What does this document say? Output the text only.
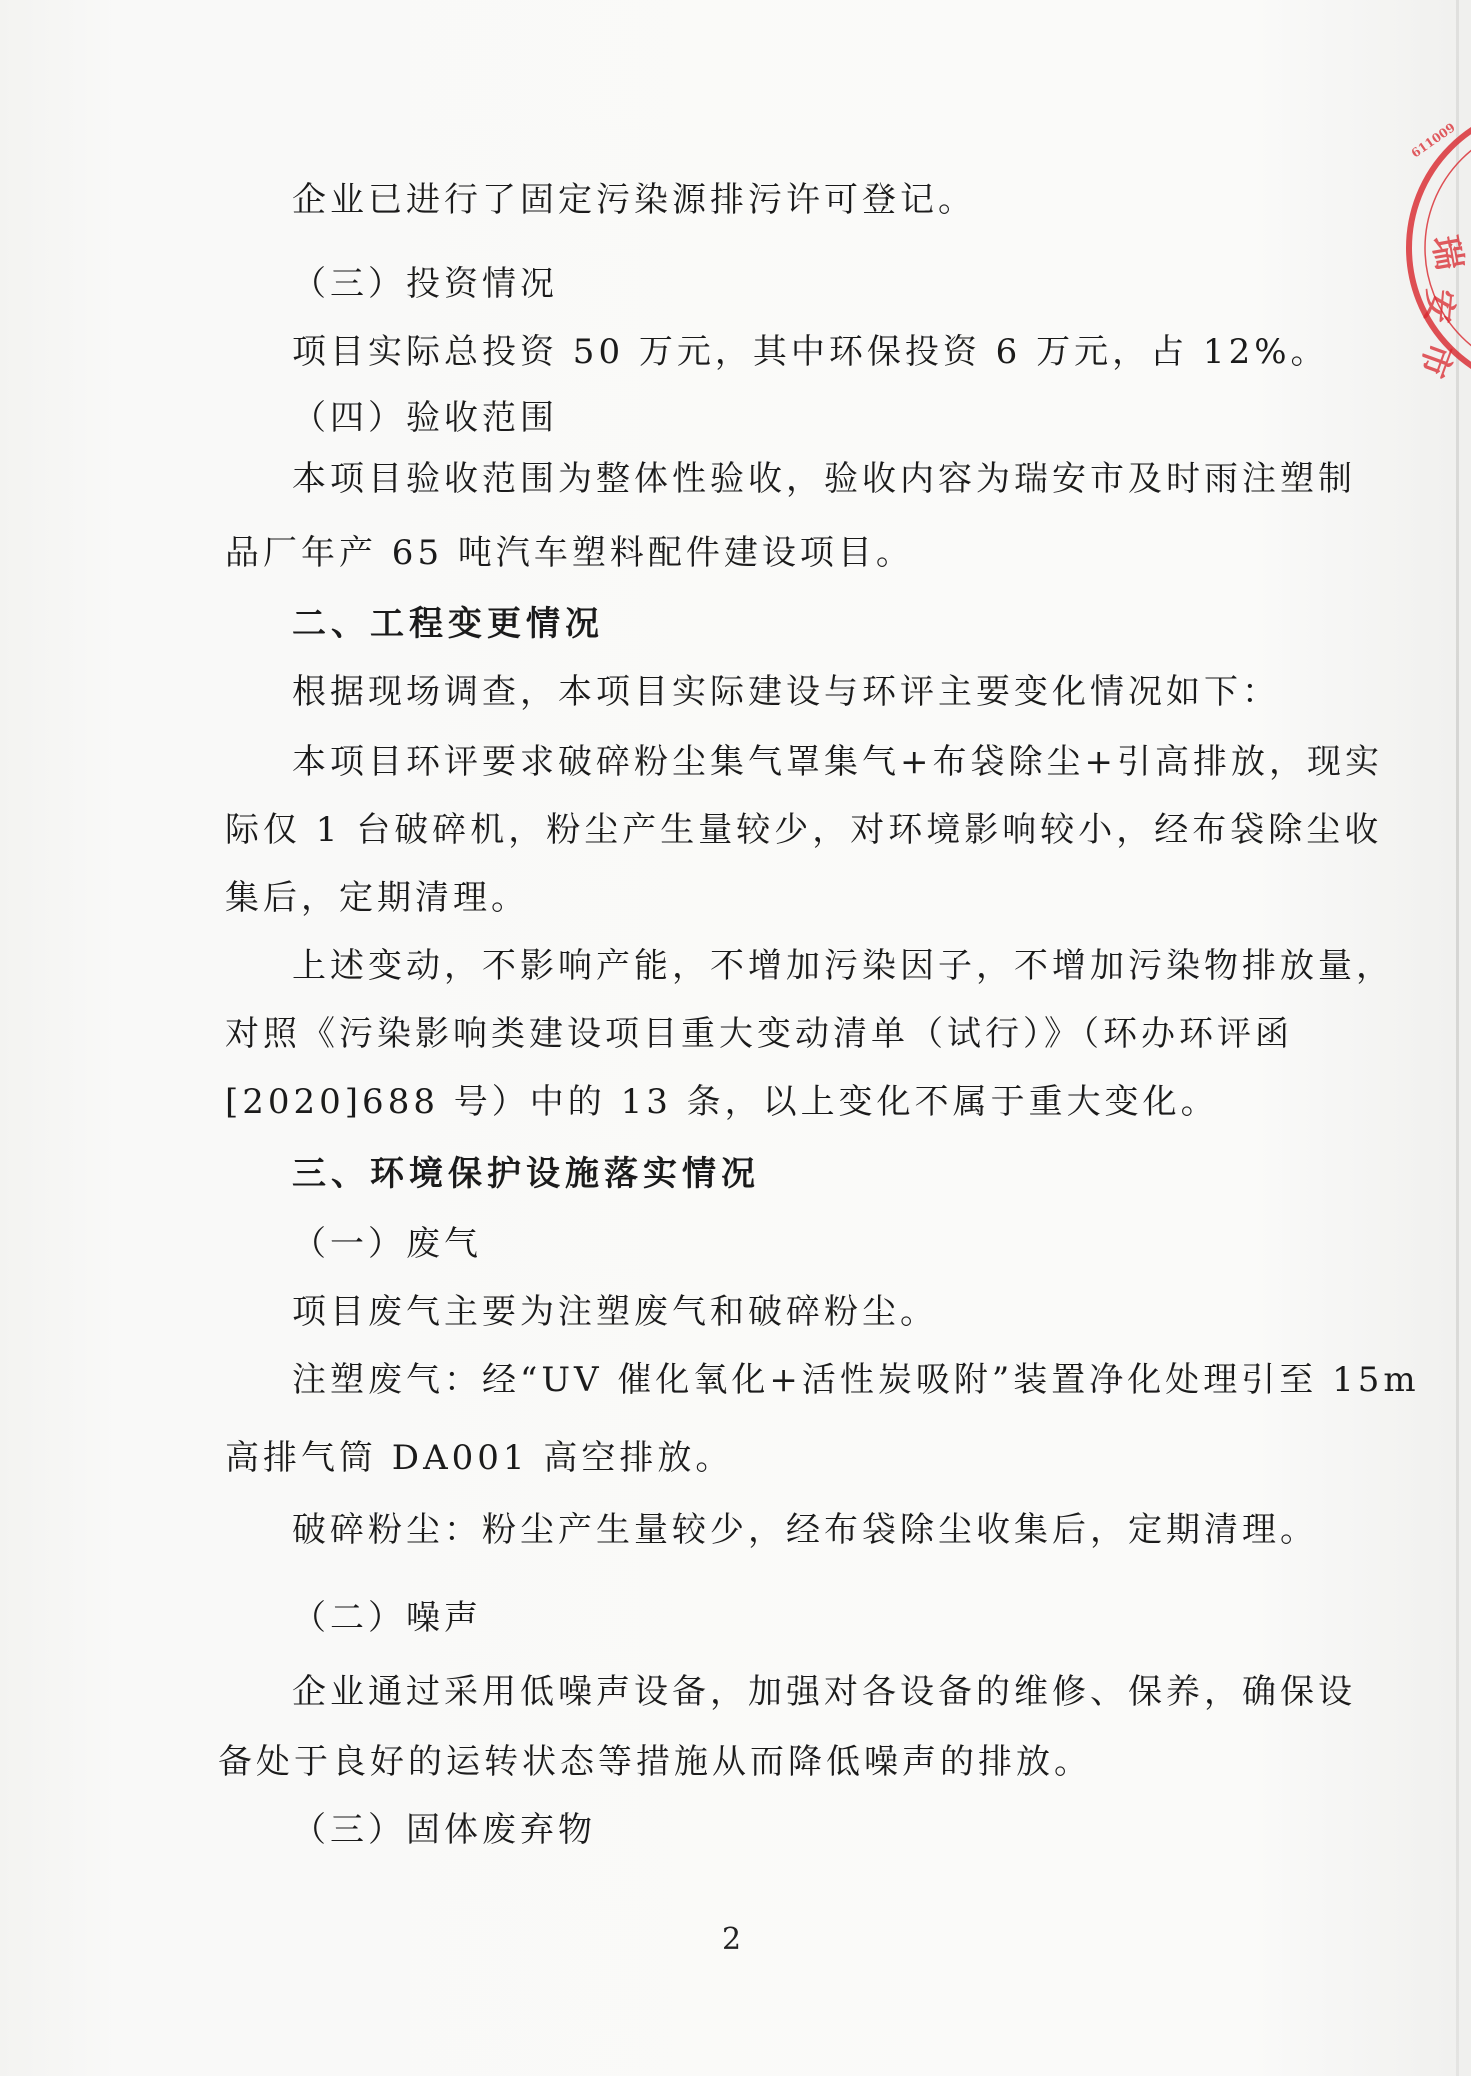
企业已进行了固定污染源排污许可登记。
（三）投资情况
项目实际总投资 50 万元，其中环保投资 6 万元，占 12%。
（四）验收范围
本项目验收范围为整体性验收，验收内容为瑞安市及时雨注塑制
品厂年产 65 吨汽车塑料配件建设项目。
二、工程变更情况
根据现场调查，本项目实际建设与环评主要变化情况如下：
本项目环评要求破碎粉尘集气罩集气+布袋除尘+引高排放，现实
际仅 1 台破碎机，粉尘产生量较少，对环境影响较小，经布袋除尘收
集后，定期清理。
上述变动，不影响产能，不增加污染因子，不增加污染物排放量，
对照《污染影响类建设项目重大变动清单（试行）》（环办环评函
[2020]688 号）中的 13 条，以上变化不属于重大变化。
三、环境保护设施落实情况
（一）废气
项目废气主要为注塑废气和破碎粉尘。
注塑废气：经“UV 催化氧化+活性炭吸附”装置净化处理引至 15m
高排气筒 DA001 高空排放。
破碎粉尘：粉尘产生量较少，经布袋除尘收集后，定期清理。
（二）噪声
企业通过采用低噪声设备，加强对各设备的维修、保养，确保设
备处于良好的运转状态等措施从而降低噪声的排放。
（三）固体废弃物
2
611009
瑞
安
市
